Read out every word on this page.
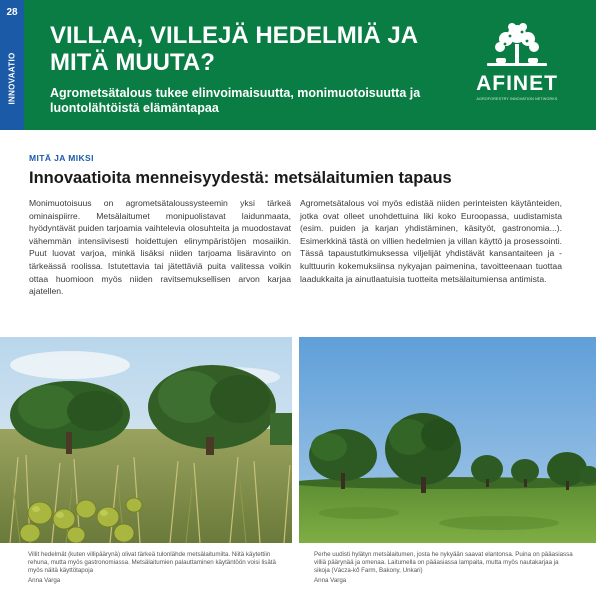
28
INNOVAATIO
VILLAA, VILLEJÄ HEDELMIÄ JA MITÄ MUUTA?
Agrometsätalous tukee elinvoimaisuutta, monimuotoisuutta ja luontolähtöistä elämäntapaa
AFINET
AGROFORESTRY INNOVATION NETWORKS
MITÄ JA MIKSI
Innovaatioita menneisyydestä: metsälaitumien tapaus
Monimuotoisuus on agrometsätaloussysteemin yksi tärkeä ominaispiirre. Metsälaitumet monipuolistavat laidunmaata, hyödyntävät puiden tarjoamia vaihtelevia olosuhteita ja muodostavat vähemmän intensiivisesti hoidettujen elinympäristöjen mosaiikin. Puut luovat varjoa, minkä lisäksi niiden tarjoama lisäravinto on tärkeässä roolissa. Istutettavia tai jätettäviä puita valitessa voikin ottaa huomioon myös niiden ravitsemuksellisen arvon karjaa ajatellen.
Agrometsätalous voi myös edistää niiden perinteisten käytänteiden, jotka ovat olleet unohdettuina liki koko Euroopassa, uudistamista (esim. puiden ja karjan yhdistäminen, käsityöt, gastronomia...). Esimerkkinä tästä on villien hedelmien ja villan käyttö ja prosessointi. Tässä tapaustutkimuksessa viljelijät yhdistävät kansantaiteen ja -kulttuurin kokemuksiinsa nykyajan paimenina, tavoitteenaan tuottaa laadukkaita ja ainutlaatuisia tuotteita metsälaitumiensa antimista.
Villit hedelmät (kuten villipäärynä) olivat tärkeä tulonlähde metsälaitumilta. Niitä käytettiin rehuna, mutta myös gastronomiassa. Metsälaitumien palauttaminen käytäntöön voisi lisätä myös näitä käyttötapoja
Anna Varga
Perhe uudisti hylätyn metsälaitumen, josta he nykyään saavat elantonsa. Puina on pääasiassa villiä päärynää ja omenaa. Laitumella on pääasiassa lampaita, mutta myös nautakarjaa ja sikoja (Vácza-kő Farm, Bakony, Unkari)
Anna Varga
